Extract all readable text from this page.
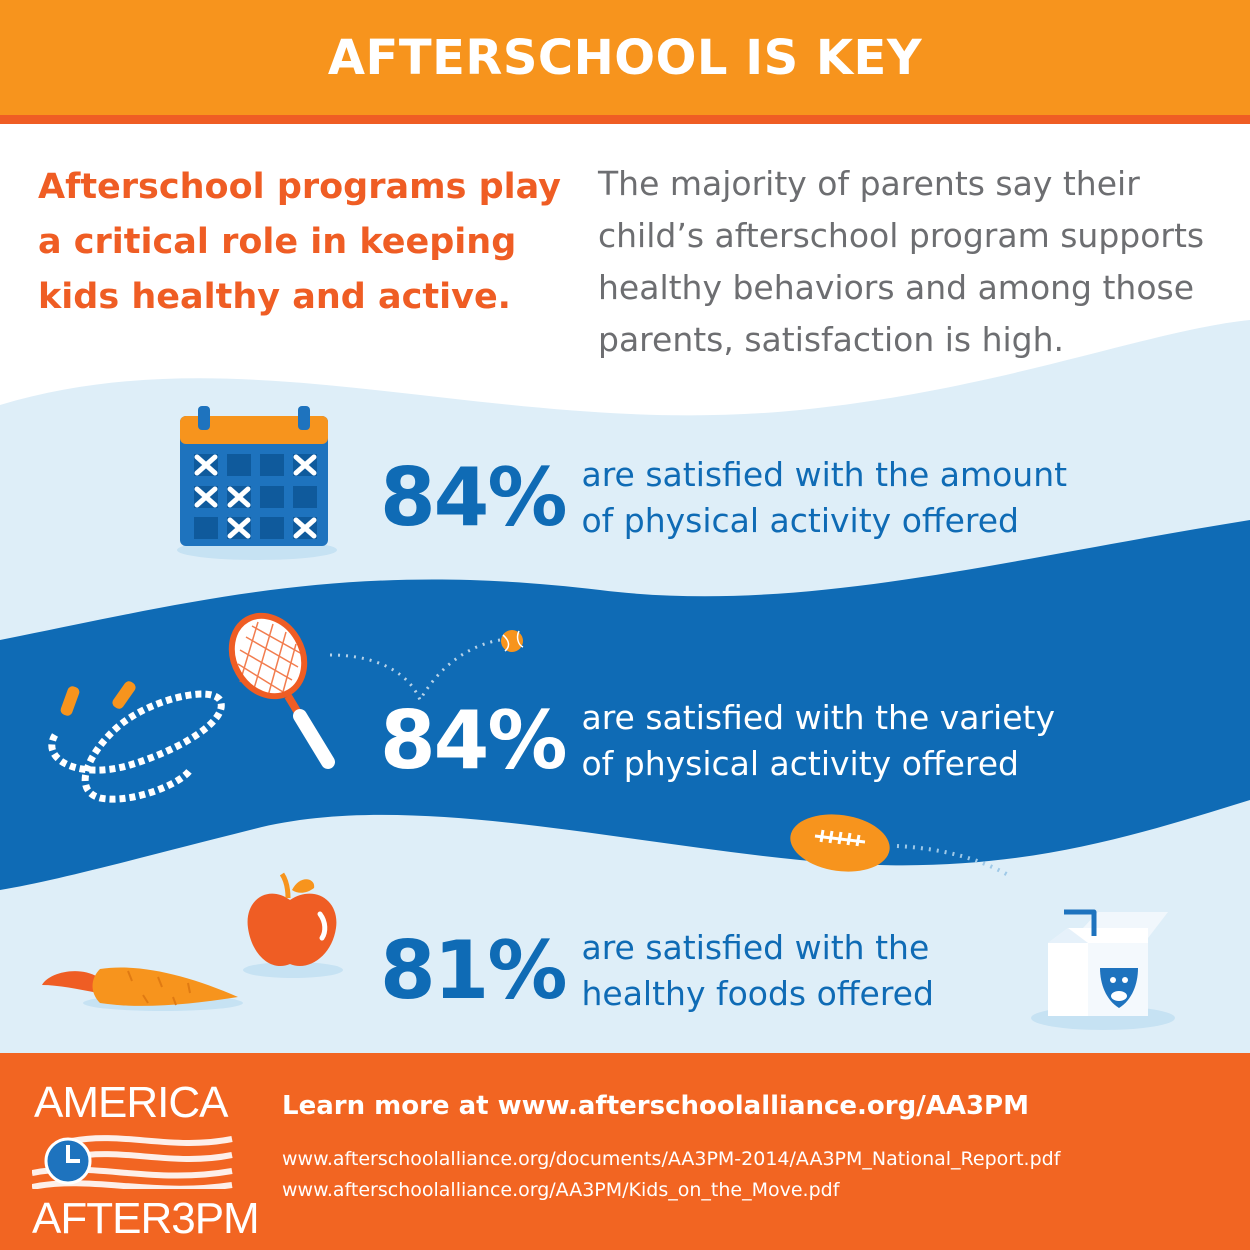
AFTERSCHOOL IS KEY

Afterschool programs play a critical role in keeping kids healthy and active.

The majority of parents say their child’s afterschool program supports healthy behaviors and among those parents, satisfaction is high.

84% are satisfied with the amount
of physical activity offered
84% are satisfied with the variety
of physical activity offered
81% are satisfied with the
healthy foods offered
AMERICA
AFTER3PM
Learn more at www.afterschoolalliance.org/AA3PM
www.afterschoolalliance.org/documents/AA3PM-2014/AA3PM_National_Report.pdf
www.afterschoolalliance.org/AA3PM/Kids_on_the_Move.pdf
